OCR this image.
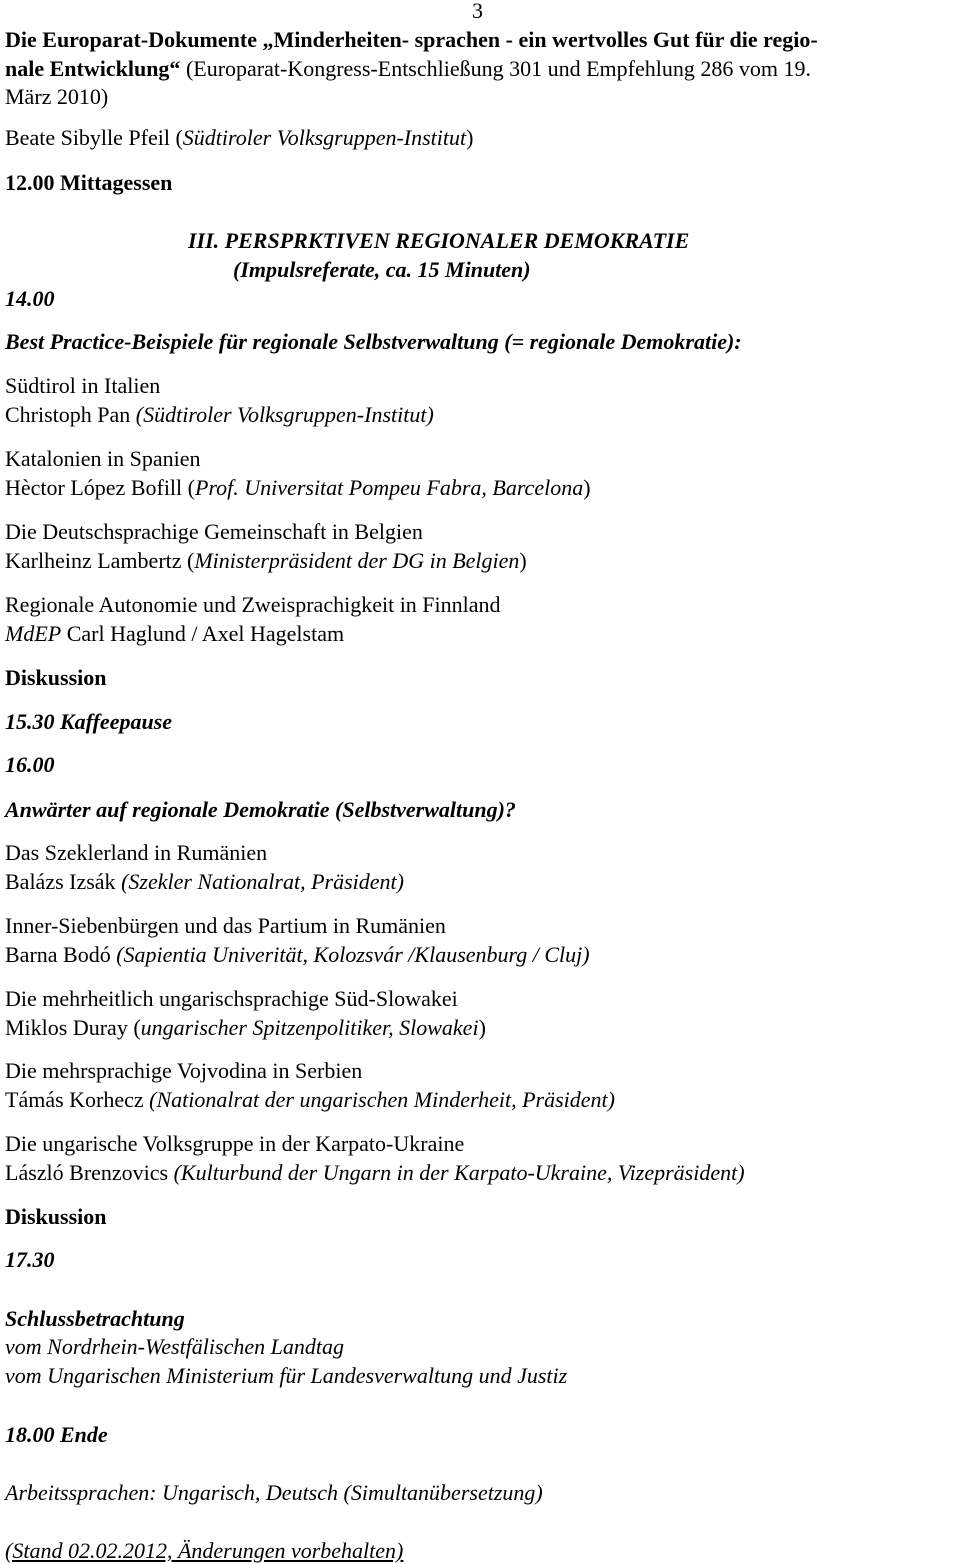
3
Die Europarat-Dokumente „Minderheiten- sprachen - ein wertvolles Gut für die regio-
nale Entwicklung“ (Europarat-Kongress-Entschließung 301 und Empfehlung 286 vom 19.
März 2010)
Beate Sibylle Pfeil (Südtiroler Volksgruppen-Institut)
12.00 Mittagessen
III. PERSPRKTIVEN REGIONALER DEMOKRATIE
(Impulsreferate, ca. 15 Minuten)
14.00
Best Practice-Beispiele für regionale Selbstverwaltung (= regionale Demokratie):
Südtirol in Italien
Christoph Pan (Südtiroler Volksgruppen-Institut)
Katalonien in Spanien
Hèctor López Bofill (Prof. Universitat Pompeu Fabra, Barcelona)
Die Deutschsprachige Gemeinschaft in Belgien
Karlheinz Lambertz (Ministerpräsident der DG in Belgien)
Regionale Autonomie und Zweisprachigkeit in Finnland
MdEP Carl Haglund / Axel Hagelstam
Diskussion
15.30 Kaffeepause
16.00
Anwärter auf regionale Demokratie (Selbstverwaltung)?
Das Szeklerland in Rumänien
Balázs Izsák (Szekler Nationalrat, Präsident)
Inner-Siebenbürgen und das Partium in Rumänien
Barna Bodó (Sapientia Univerität, Kolozsvár /Klausenburg / Cluj)
Die mehrheitlich ungarischsprachige Süd-Slowakei
Miklos Duray (ungarischer Spitzenpolitiker, Slowakei)
Die mehrsprachige Vojvodina in Serbien
Támás Korhecz (Nationalrat der ungarischen Minderheit, Präsident)
Die ungarische Volksgruppe in der Karpato-Ukraine
László Brenzovics (Kulturbund der Ungarn in der Karpato-Ukraine, Vizepräsident)
Diskussion
17.30
Schlussbetrachtung
vom Nordrhein-Westfälischen Landtag
vom Ungarischen Ministerium für Landesverwaltung und Justiz
18.00 Ende
Arbeitssprachen: Ungarisch, Deutsch (Simultanübersetzung)
(Stand 02.02.2012, Änderungen vorbehalten)
